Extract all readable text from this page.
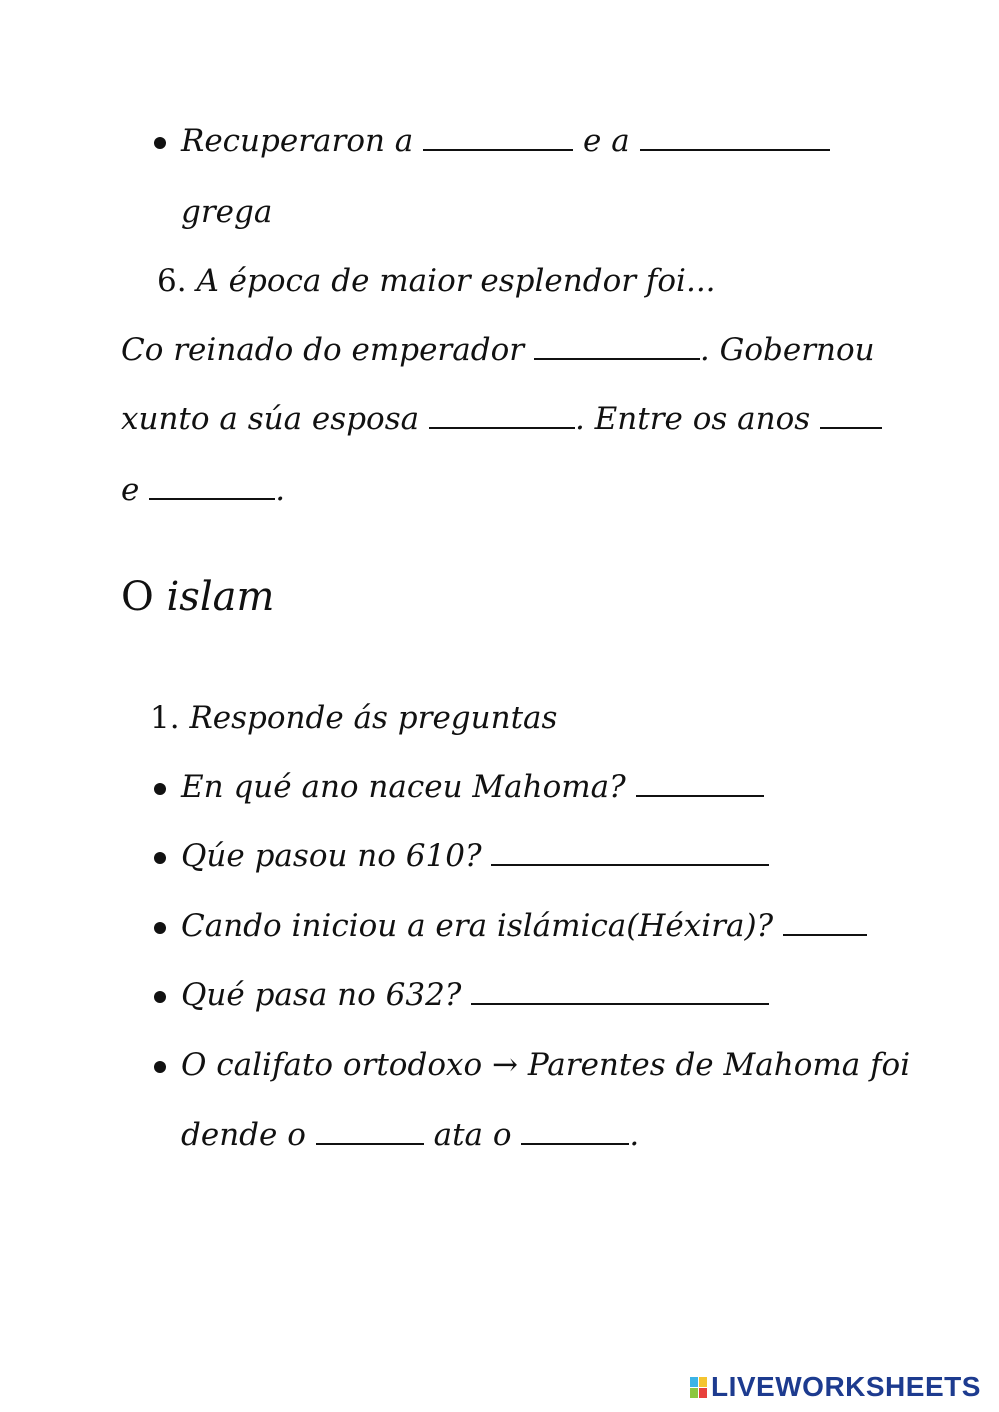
Recuperaron a	e a
grega
6. A época de maior esplendor foi...
Co reinado do emperador	. Gobernou
xunto a súa esposa	. Entre os anos
e	.
O islam
1. Responde ás preguntas
En qué ano naceu Mahoma?
Qúe pasou no 610?
Cando iniciou a era islámica(Héxira)?
Qué pasa no 632?
O califato ortodoxo → Parentes de Mahoma foi
dende o	ata o	.
LIVEWORKSHEETS
